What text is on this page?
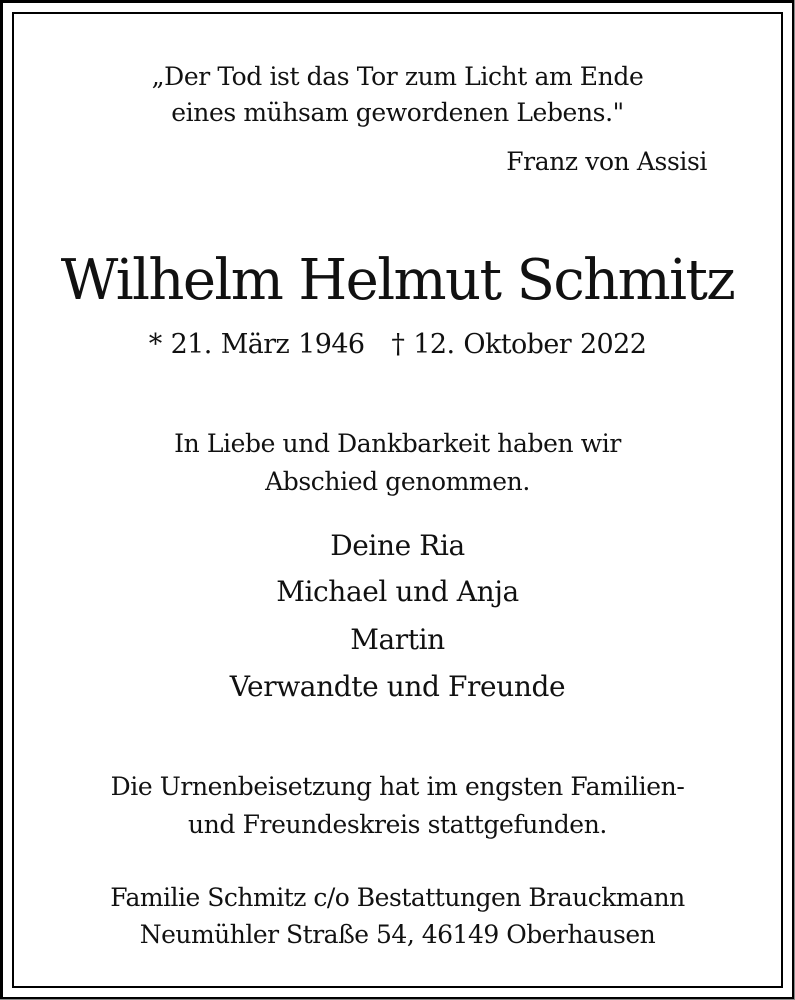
„Der Tod ist das Tor zum Licht am Ende

eines mühsam gewordenen Lebens."

Franz von Assisi

Wilhelm Helmut Schmitz

* 21. März 1946   † 12. Oktober 2022

In Liebe und Dankbarkeit haben wir

Abschied genommen.

Deine Ria

Michael und Anja

Martin

Verwandte und Freunde

Die Urnenbeisetzung hat im engsten Familien-

und Freundeskreis stattgefunden.

Familie Schmitz c/o Bestattungen Brauckmann

Neumühler Straße 54, 46149 Oberhausen
